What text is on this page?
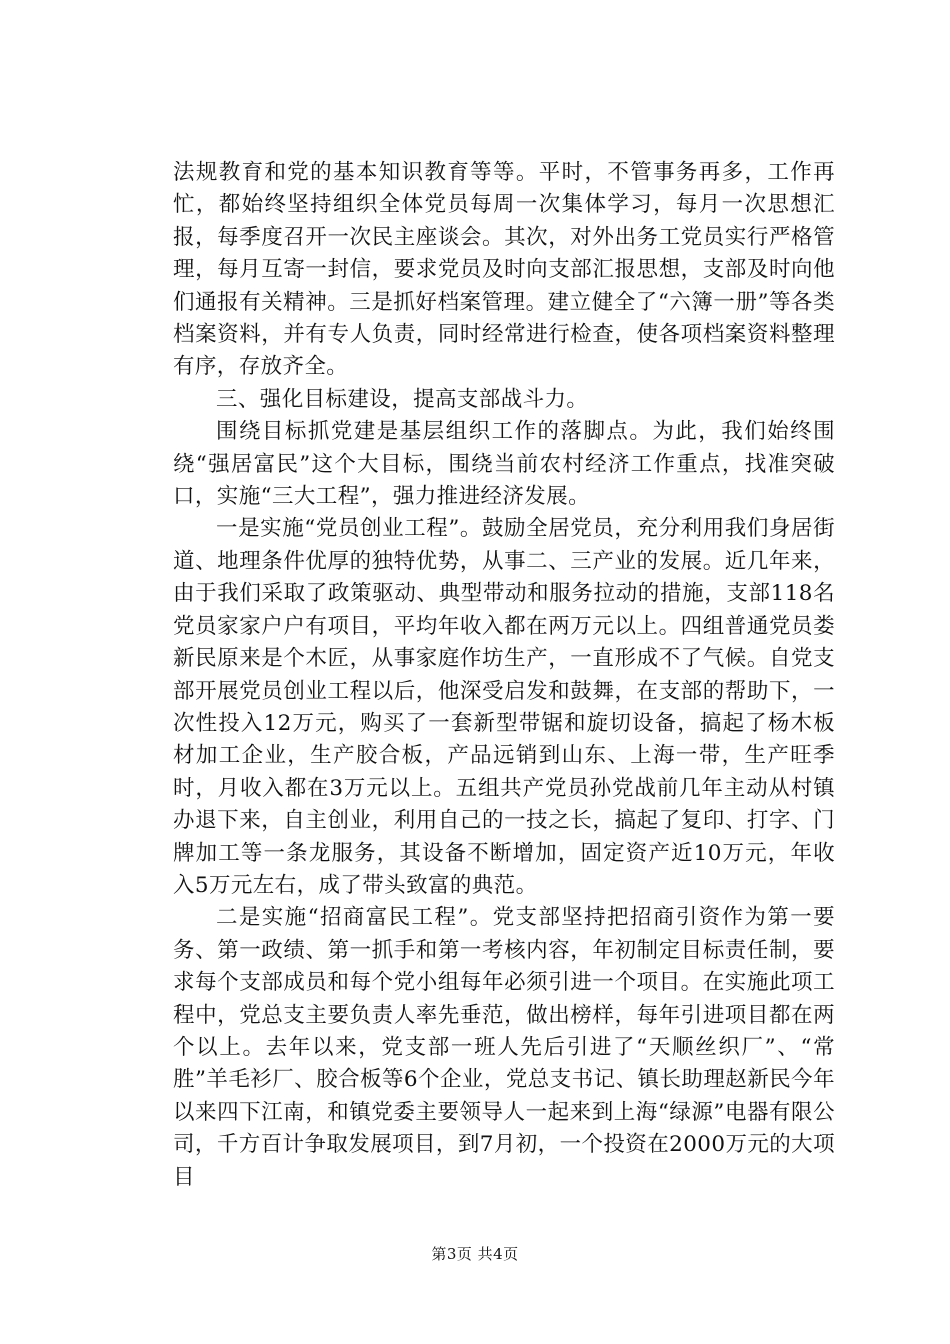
法规教育和党的基本知识教育等等。平时，不管事务再多，工作再忙，都始终坚持组织全体党员每周一次集体学习，每月一次思想汇报，每季度召开一次民主座谈会。其次，对外出务工党员实行严格管理，每月互寄一封信，要求党员及时向支部汇报思想，支部及时向他们通报有关精神。三是抓好档案管理。建立健全了“六簿一册”等各类档案资料，并有专人负责，同时经常进行检查，使各项档案资料整理有序，存放齐全。

三、强化目标建设，提高支部战斗力。

围绕目标抓党建是基层组织工作的落脚点。为此，我们始终围绕“强居富民”这个大目标，围绕当前农村经济工作重点，找准突破口，实施“三大工程”，强力推进经济发展。

一是实施“党员创业工程”。鼓励全居党员，充分利用我们身居街道、地理条件优厚的独特优势，从事二、三产业的发展。近几年来，由于我们采取了政策驱动、典型带动和服务拉动的措施，支部118名党员家家户户有项目，平均年收入都在两万元以上。四组普通党员娄新民原来是个木匠，从事家庭作坊生产，一直形成不了气候。自党支部开展党员创业工程以后，他深受启发和鼓舞，在支部的帮助下，一次性投入12万元，购买了一套新型带锯和旋切设备，搞起了杨木板材加工企业，生产胶合板，产品远销到山东、上海一带，生产旺季时，月收入都在3万元以上。五组共产党员孙党战前几年主动从村镇办退下来，自主创业，利用自己的一技之长，搞起了复印、打字、门牌加工等一条龙服务，其设备不断增加，固定资产近10万元，年收入5万元左右，成了带头致富的典范。

二是实施“招商富民工程”。党支部坚持把招商引资作为第一要务、第一政绩、第一抓手和第一考核内容，年初制定目标责任制，要求每个支部成员和每个党小组每年必须引进一个项目。在实施此项工程中，党总支主要负责人率先垂范，做出榜样，每年引进项目都在两个以上。去年以来，党支部一班人先后引进了“天顺丝织厂”、“常胜”羊毛衫厂、胶合板等6个企业，党总支书记、镇长助理赵新民今年以来四下江南，和镇党委主要领导人一起来到上海“绿源”电器有限公司，千方百计争取发展项目，到7月初，一个投资在2000万元的大项目

第3页 共4页
